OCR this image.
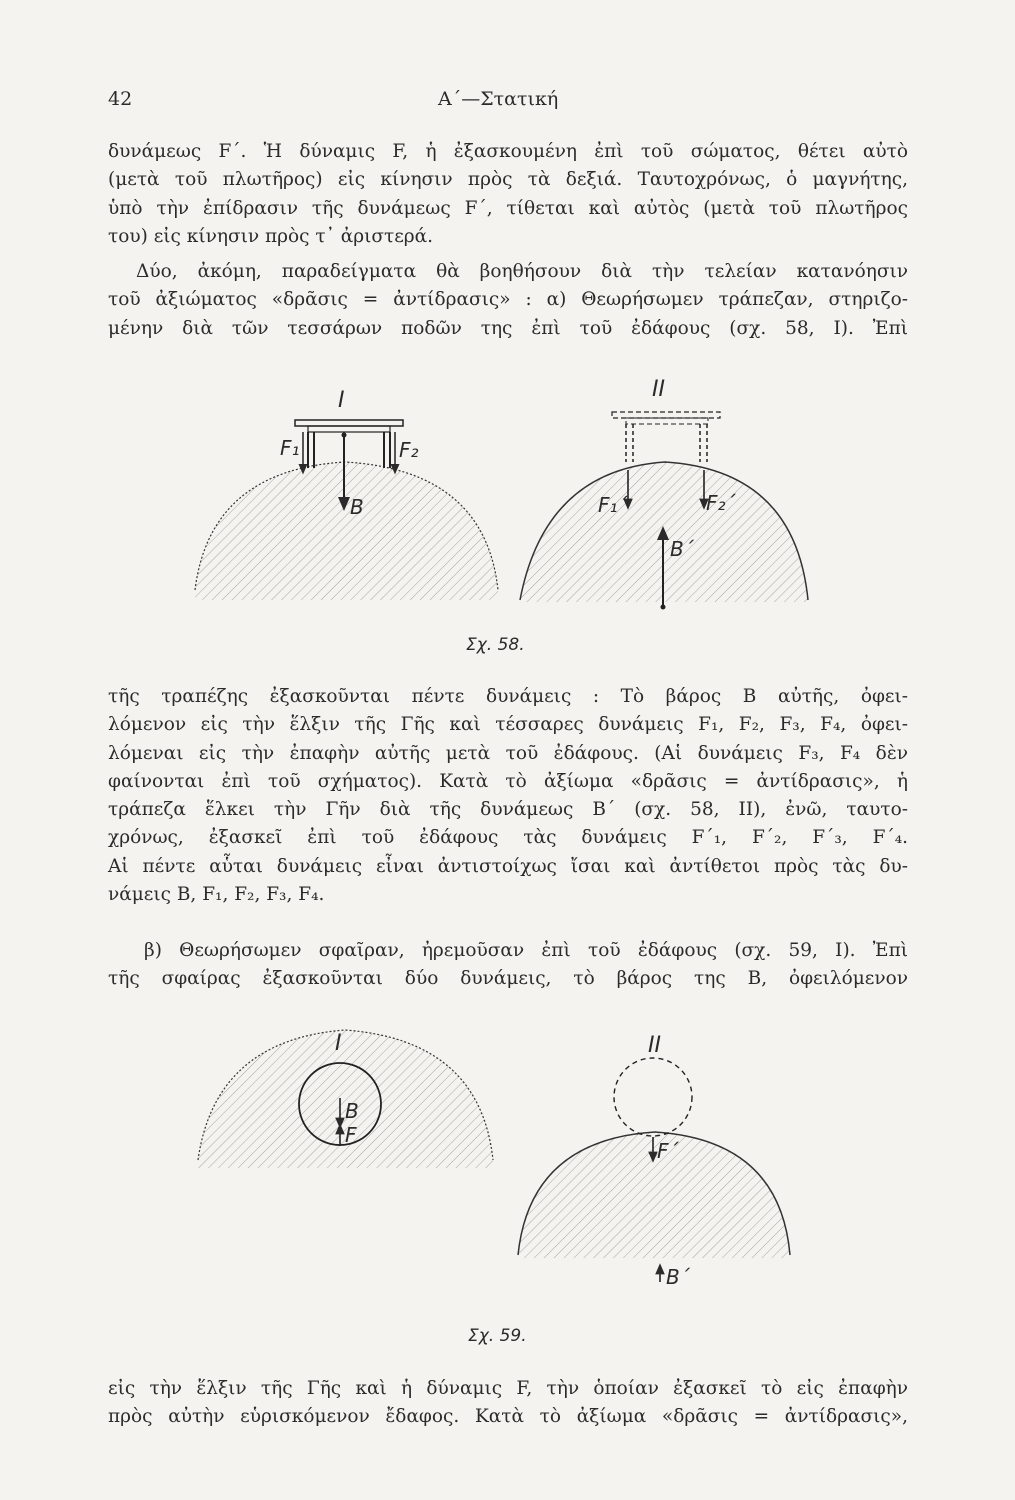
42	Α΄—Στατική
δυνάμεως F΄. Ἡ δύναμις F, ἡ ἐξασκουμένη ἐπὶ τοῦ σώματος, θέτει αὐτὸ
(μετὰ τοῦ πλωτῆρος) εἰς κίνησιν πρὸς τὰ δεξιά. Ταυτοχρόνως, ὁ μαγνήτης,
ὑπὸ τὴν ἐπίδρασιν τῆς δυνάμεως F΄, τίθεται καὶ αὐτὸς (μετὰ τοῦ πλωτῆρος
του) εἰς κίνησιν πρὸς τ᾿ ἀριστερά.
Δύο, ἀκόμη, παραδείγματα θὰ βοηθήσουν διὰ τὴν τελείαν κατανόησιν
τοῦ ἀξιώματος «δρᾶσις = ἀντίδρασις» : α) Θεωρήσωμεν τράπεζαν, στηριζο-
μένην διὰ τῶν τεσσάρων ποδῶν της ἐπὶ τοῦ ἐδάφους (σχ. 58, I). Ἐπὶ
I
F₁	F₂
B
II
F₁΄	F₂΄
B΄
I
B
F
II
F΄
B΄
Σχ. 58.
τῆς τραπέζης ἐξασκοῦνται πέντε δυνάμεις : Τὸ βάρος B αὐτῆς, ὀφει-
λόμενον εἰς τὴν ἕλξιν τῆς Γῆς καὶ τέσσαρες δυνάμεις F₁, F₂, F₃, F₄, ὀφει-
λόμεναι εἰς τὴν ἐπαφὴν αὐτῆς μετὰ τοῦ ἐδάφους. (Αἱ δυνάμεις F₃, F₄ δὲν
φαίνονται ἐπὶ τοῦ σχήματος). Κατὰ τὸ ἀξίωμα «δρᾶσις = ἀντίδρασις», ἡ
τράπεζα ἕλκει τὴν Γῆν διὰ τῆς δυνάμεως B΄ (σχ. 58, II), ἐνῶ, ταυτο-
χρόνως, ἐξασκεῖ ἐπὶ τοῦ ἐδάφους τὰς δυνάμεις F΄₁, F΄₂, F΄₃, F΄₄.
Αἱ πέντε αὗται δυνάμεις εἶναι ἀντιστοίχως ἴσαι καὶ ἀντίθετοι πρὸς τὰς δυ-
νάμεις B, F₁, F₂, F₃, F₄.
β) Θεωρήσωμεν σφαῖραν, ἠρεμοῦσαν ἐπὶ τοῦ ἐδάφους (σχ. 59, I). Ἐπὶ
τῆς σφαίρας ἐξασκοῦνται δύο δυνάμεις, τὸ βάρος της B, ὀφειλόμενον
Σχ. 59.
εἰς τὴν ἕλξιν τῆς Γῆς καὶ ἡ δύναμις F, τὴν ὁποίαν ἐξασκεῖ τὸ εἰς ἐπαφὴν
πρὸς αὐτὴν εὑρισκόμενον ἔδαφος. Κατὰ τὸ ἀξίωμα «δρᾶσις = ἀντίδρασις»,
